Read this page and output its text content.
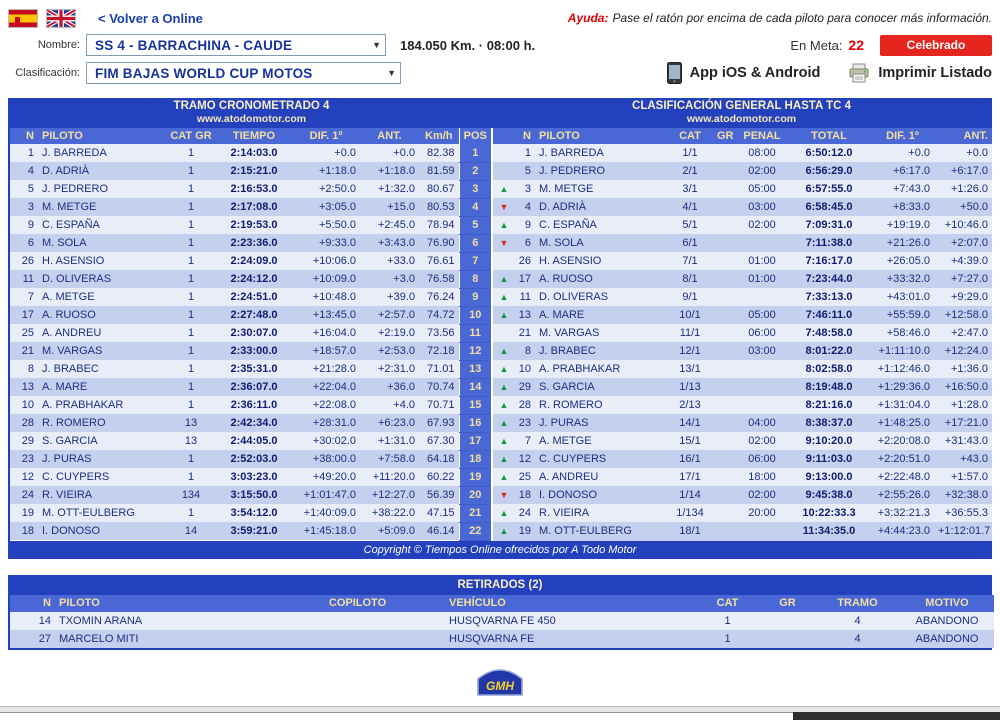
< Volver a Online	Ayuda: Pase el ratón por encima de cada piloto para conocer más información.
Nombre: SS 4 - BARRACHINA - CAUDE	▼ 184.050 Km. · 08:00 h.	En Meta: 22	Celebrado
Clasificación: FIM BAJAS WORLD CUP MOTOS	▼	App iOS & Android	Imprimir Listado
TRAMO CRONOMETRADO 4
www.atodomotor.com
CLASIFICACIÓN GENERAL HASTA TC 4
www.atodomotor.com
N	PILOTO	CAT GR	TIEMPO	DIF. 1º	ANT.	Km/h	POS
1	J. BARREDA	1	2:14:03.0	+0.0	+0.0	82.38	1
4	D. ADRIÀ	1	2:15:21.0	+1:18.0	+1:18.0	81.59	2
5	J. PEDRERO	1	2:16:53.0	+2:50.0	+1:32.0	80.67	3
3	M. METGE	1	2:17:08.0	+3:05.0	+15.0	80.53	4
9	C. ESPAÑA	1	2:19:53.0	+5:50.0	+2:45.0	78.94	5
6	M. SOLA	1	2:23:36.0	+9:33.0	+3:43.0	76.90	6
26	H. ASENSIO	1	2:24:09.0	+10:06.0	+33.0	76.61	7
11	D. OLIVERAS	1	2:24:12.0	+10:09.0	+3.0	76.58	8
7	A. METGE	1	2:24:51.0	+10:48.0	+39.0	76.24	9
17	A. RUOSO	1	2:27:48.0	+13:45.0	+2:57.0	74.72	10
25	A. ANDREU	1	2:30:07.0	+16:04.0	+2:19.0	73.56	11
21	M. VARGAS	1	2:33:00.0	+18:57.0	+2:53.0	72.18	12
8	J. BRABEC	1	2:35:31.0	+21:28.0	+2:31.0	71.01	13
13	A. MARE	1	2:36:07.0	+22:04.0	+36.0	70.74	14
10	A. PRABHAKAR	1	2:36:11.0	+22:08.0	+4.0	70.71	15
28	R. ROMERO	13	2:42:34.0	+28:31.0	+6:23.0	67.93	16
29	S. GARCIA	13	2:44:05.0	+30:02.0	+1:31.0	67.30	17
23	J. PURAS	1	2:52:03.0	+38:00.0	+7:58.0	64.18	18
12	C. CUYPERS	1	3:03:23.0	+49:20.0	+11:20.0	60.22	19
24	R. VIEIRA	134	3:15:50.0	+1:01:47.0	+12:27.0	56.39	20
19	M. OTT-EULBERG	1	3:54:12.0	+1:40:09.0	+38:22.0	47.15	21
18	I. DONOSO	14	3:59:21.0	+1:45:18.0	+5:09.0	46.14	22
	N	PILOTO	CAT	GR	PENAL	TOTAL	DIF. 1º	ANT.
	1	J. BARREDA	1/1		08:00	6:50:12.0	+0.0	+0.0
	5	J. PEDRERO	2/1		02:00	6:56:29.0	+6:17.0	+6:17.0
▲	3	M. METGE	3/1		05:00	6:57:55.0	+7:43.0	+1:26.0
▼	4	D. ADRIÀ	4/1		03:00	6:58:45.0	+8:33.0	+50.0
▲	9	C. ESPAÑA	5/1		02:00	7:09:31.0	+19:19.0	+10:46.0
▼	6	M. SOLA	6/1			7:11:38.0	+21:26.0	+2:07.0
	26	H. ASENSIO	7/1		01:00	7:16:17.0	+26:05.0	+4:39.0
▲	17	A. RUOSO	8/1		01:00	7:23:44.0	+33:32.0	+7:27.0
▲	11	D. OLIVERAS	9/1			7:33:13.0	+43:01.0	+9:29.0
▲	13	A. MARE	10/1		05:00	7:46:11.0	+55:59.0	+12:58.0
	21	M. VARGAS	11/1		06:00	7:48:58.0	+58:46.0	+2:47.0
▲	8	J. BRABEC	12/1		03:00	8:01:22.0	+1:11:10.0	+12:24.0
▲	10	A. PRABHAKAR	13/1			8:02:58.0	+1:12:46.0	+1:36.0
▲	29	S. GARCIA	1/13			8:19:48.0	+1:29:36.0	+16:50.0
▲	28	R. ROMERO	2/13			8:21:16.0	+1:31:04.0	+1:28.0
▲	23	J. PURAS	14/1		04:00	8:38:37.0	+1:48:25.0	+17:21.0
▲	7	A. METGE	15/1		02:00	9:10:20.0	+2:20:08.0	+31:43.0
▲	12	C. CUYPERS	16/1		06:00	9:11:03.0	+2:20:51.0	+43.0
▲	25	A. ANDREU	17/1		18:00	9:13:00.0	+2:22:48.0	+1:57.0
▼	18	I. DONOSO	1/14		02:00	9:45:38.0	+2:55:26.0	+32:38.0
▲	24	R. VIEIRA	1/134		20:00	10:22:33.3	+3:32:21.3	+36:55.3
▲	19	M. OTT-EULBERG	18/1			11:34:35.0	+4:44:23.0	+1:12:01.7
Copyright © Tiempos Online ofrecidos por A Todo Motor
RETIRADOS (2)
N	PILOTO	COPILOTO	VEHÍCULO	CAT	GR	TRAMO	MOTIVO
14	TXOMIN ARANA		HUSQVARNA FE 450	1		4	ABANDONO
27	MARCELO MITI		HUSQVARNA FE	1		4	ABANDONO
GMH
